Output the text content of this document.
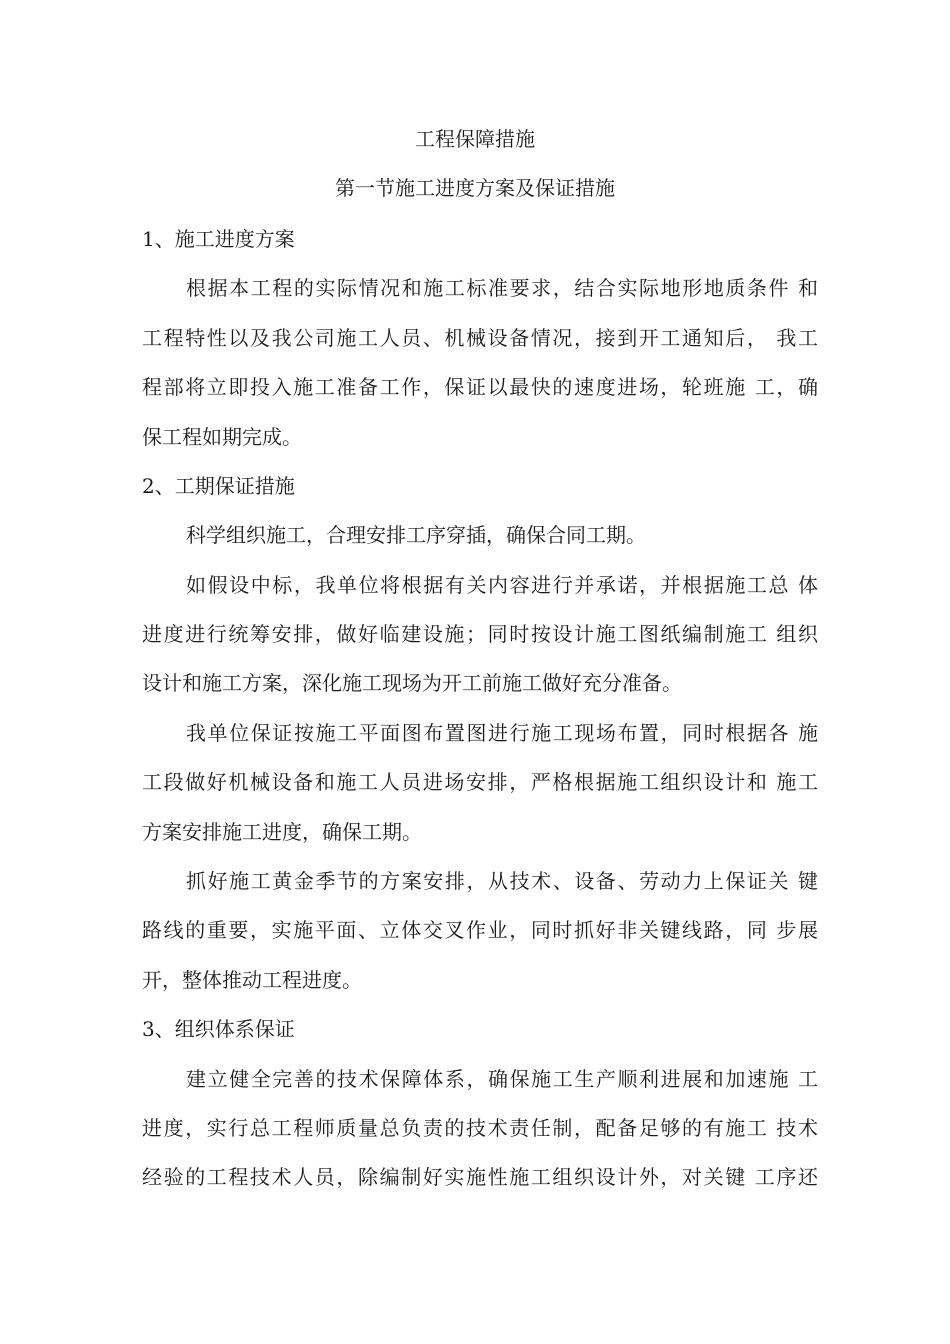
工程保障措施
第一节施工进度方案及保证措施
1、施工进度方案
根据本工程的实际情况和施工标准要求，结合实际地形地质条件 和
工程特性以及我公司施工人员、机械设备情况，接到开工通知后， 我工
程部将立即投入施工准备工作，保证以最快的速度进场，轮班施 工，确
保工程如期完成。
2、工期保证措施
科学组织施工，合理安排工序穿插，确保合同工期。
如假设中标，我单位将根据有关内容进行并承诺，并根据施工总 体
进度进行统筹安排，做好临建设施；同时按设计施工图纸编制施工 组织
设计和施工方案，深化施工现场为开工前施工做好充分准备。
我单位保证按施工平面图布置图进行施工现场布置，同时根据各 施
工段做好机械设备和施工人员进场安排，严格根据施工组织设计和 施工
方案安排施工进度，确保工期。
抓好施工黄金季节的方案安排，从技术、设备、劳动力上保证关 键
路线的重要，实施平面、立体交叉作业，同时抓好非关键线路，同 步展
开，整体推动工程进度。
3、组织体系保证
建立健全完善的技术保障体系，确保施工生产顺利进展和加速施 工
进度，实行总工程师质量总负责的技术责任制，配备足够的有施工 技术
经验的工程技术人员，除编制好实施性施工组织设计外，对关键 工序还
